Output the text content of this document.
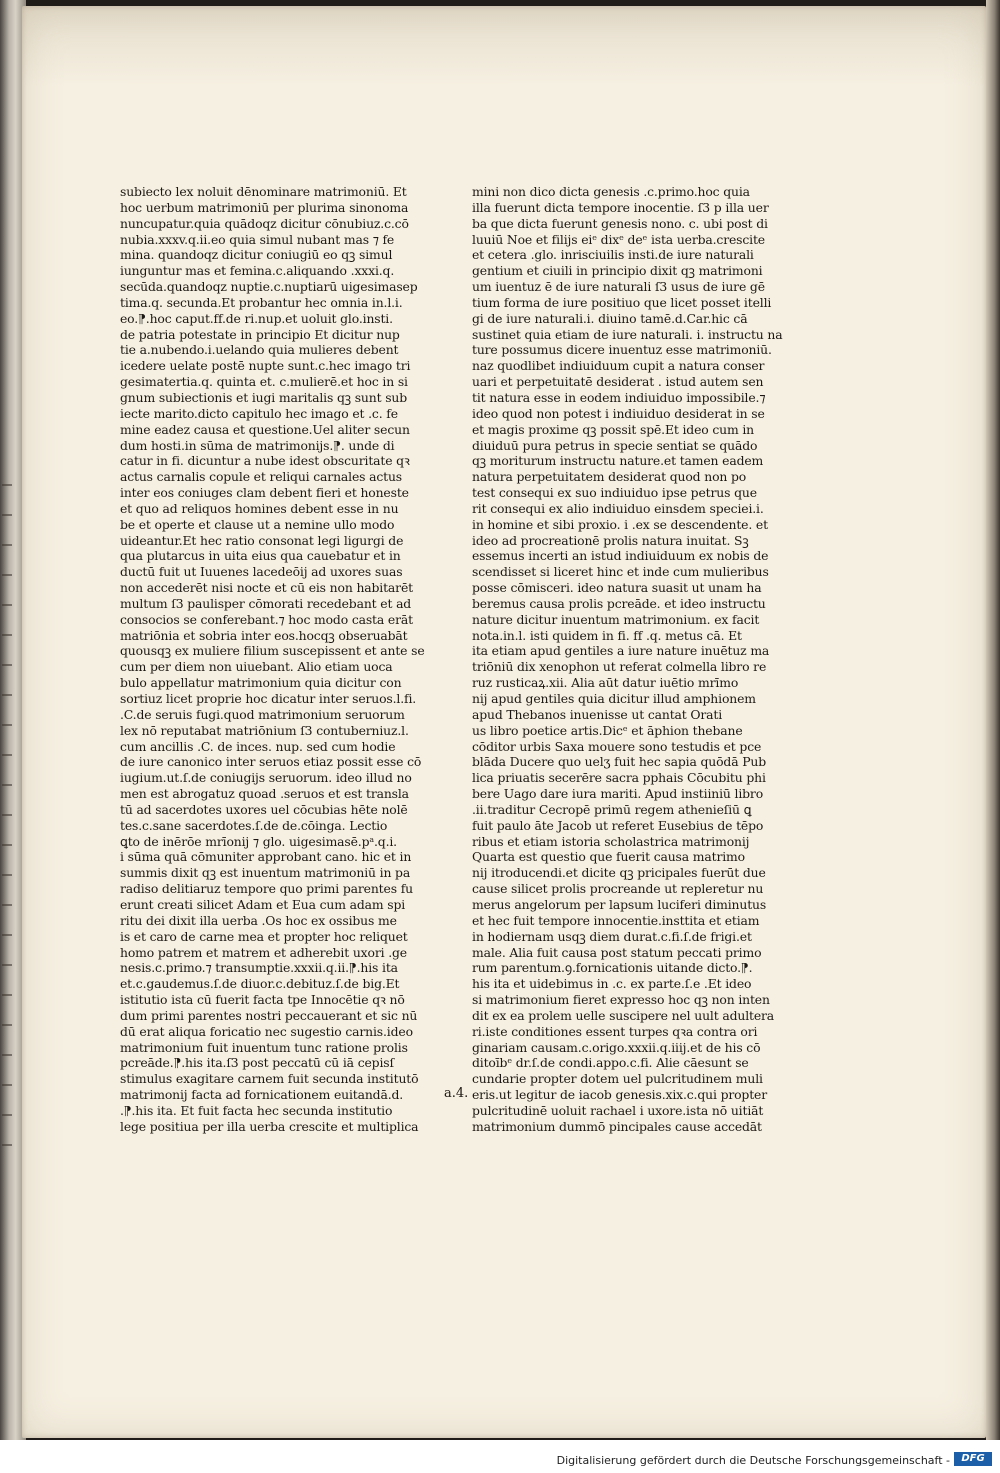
subiecto lex noluit dēnominare matrimoniū. Et
hoc uerbum matrimoniū per plurima sinonoma
nuncupatur.quia quādoqz dicitur cōnubiuz.c.cō
nubia.xxxv.q.ii.eo quia simul nubant mas ⁊ fe
mina. quandoqz dicitur coniugiū eo qꝫ simul
iunguntur mas et femina.c.aliquando .xxxi.q.
secūda.quandoqz nuptie.c.nuptiarū uigesimasep
tima.q. secunda.Et probantur hec omnia in.l.i.
eo.⁋.hoc caput.ff.de ri.nup.et uoluit glo.insti.
de patria potestate in principio Et dicitur nup
tie a.nubendo.i.uelando quia mulieres debent
icedere uelate postē nupte sunt.c.hec imago tri
gesimatertia.q. quinta et. c.mulierē.et hoc in si
gnum subiectionis et iugi maritalis qꝫ sunt sub
iecte marito.dicto capitulo hec imago et .c. fe
mine eadez causa et questione.Uel aliter secun
dum hosti.in sūma de matrimonijs.⁋. unde di
catur in fi. dicuntur a nube idest obscuritate qꝛ
actus carnalis copule et reliqui carnales actus
inter eos coniuges clam debent fieri et honeste
et quo ad reliquos homines debent esse in nu
be et operte et clause ut a nemine ullo modo
uideantur.Et hec ratio consonat legi ligurgi de
qua plutarcus in uita eius qua cauebatur et in
ductū fuit ut Iuuenes lacedeōij ad uxores suas
non accederēt nisi nocte et cū eis non habitarēt
multum ſ3 paulisper cōmorati recedebant et ad
consocios se conferebant.⁊ hoc modo casta erāt
matriōnia et sobria inter eos.hocqꝫ obseruabāt
quousqꝫ ex muliere filium suscepissent et ante se
cum per diem non uiuebant. Alio etiam uoca
bulo appellatur matrimonium quia dicitur con
sortiuz licet proprie hoc dicatur inter seruos.l.fi.
.C.de seruis fugi.quod matrimonium seruorum
lex nō reputabat matriōnium ſ3 contuberniuz.l.
cum ancillis .C. de inces. nup. sed cum hodie
de iure canonico inter seruos etiaz possit esse cō
iugium.ut.ſ.de coniugijs seruorum. ideo illud no
men est abrogatuz quoad .seruos et est transla
tū ad sacerdotes uxores uel cōcubias hēte nolē
tes.c.sane sacerdotes.ſ.de de.cōinga. Lectio
ꝗto de inērōe mrīonij ⁊ glo. uigesimasē.pᵃ.q.i.
i sūma quā cōmuniter approbant cano. hic et in
summis dixit qꝫ est inuentum matrimoniū in pa
radiso delitiaruz tempore quo primi parentes fu
erunt creati silicet Adam et Eua cum adam spi
ritu dei dixit illa uerba .Os hoc ex ossibus me
is et caro de carne mea et propter hoc reliquet
homo patrem et matrem et adherebit uxori .ge
nesis.c.primo.⁊ transumptie.xxxii.q.ii.⁋.his ita
et.c.gaudemus.ſ.de diuor.c.debituz.ſ.de big.Et
istitutio ista cū fuerit facta tpe Innocētie qꝛ nō
dum primi parentes nostri peccauerant et sic nū
dū erat aliqua foricatio nec sugestio carnis.ideo
matrimonium fuit inuentum tunc ratione prolis
pcreāde.⁋.his ita.ſ3 post peccatū cū iā cepisſ
stimulus exagitare carnem fuit secunda institutō
matrimonij facta ad fornicationem euitandā.d.
.⁋.his ita. Et fuit facta hec secunda institutio
lege positiua per illa uerba crescite et multiplica
mini non dico dicta genesis .c.primo.hoc quia
illa fuerunt dicta tempore inocentie. ſ3 p illa uer
ba que dicta fuerunt genesis nono. c. ubi post di
luuiū Noe et filijs eiᵉ dixᵉ deᵉ ista uerba.crescite
et cetera .glo. inrisciuilis insti.de iure naturali
gentium et ciuili in principio dixit qꝫ matrimoni
um iuentuz ē de iure naturali ſ3 usus de iure gē
tium forma de iure positiuo que licet posset itelli
gi de iure naturali.i. diuino tamē.d.Car.hic cā
sustinet quia etiam de iure naturali. i. instructu na
ture possumus dicere inuentuz esse matrimoniū.
naz quodlibet indiuiduum cupit a natura conser
uari et perpetuitatē desiderat . istud autem sen
tit natura esse in eodem indiuiduo impossibile.⁊
ideo quod non potest i indiuiduo desiderat in se
et magis proxime qꝫ possit spē.Et ideo cum in
diuiduū pura petrus in specie sentiat se quādo
qꝫ moriturum instructu nature.et tamen eadem
natura perpetuitatem desiderat quod non po
test consequi ex suo indiuiduo ipse petrus que
rit consequi ex alio indiuiduo einsdem speciei.i.
in homine et sibi proxio. i .ex se descendente. et
ideo ad procreationē prolis natura inuitat. Sꝫ
essemus incerti an istud indiuiduum ex nobis de
scendisset si liceret hinc et inde cum mulieribus
posse cōmisceri. ideo natura suasit ut unam ha
beremus causa prolis pcreāde. et ideo instructu
nature dicitur inuentum matrimonium. ex facit
nota.in.l. isti quidem in fi. ff .q. metus cā. Et
ita etiam apud gentiles a iure nature inuētuz ma
triōniū dix xenophon ut referat colmella libro re
ruz rusticaꝝ.xii. Alia aūt datur iuētio mrīmo
nij apud gentiles quia dicitur illud amphionem
apud Thebanos inuenisse ut cantat Orati
us libro poetice artis.Dicᵉ et āphion thebane
cōditor urbis Saxa mouere sono testudis et pce
blāda Ducere quo uelʒ fuit hec sapia quōdā Pub
lica priuatis secerēre sacra pphais Cōcubitu phi
bere Uago dare iura mariti. Apud instiiniū libro
.ii.traditur Cecropē primū regem athenieſiū ꝗ
fuit paulo āte Jacob ut referet Eusebius de tēpo
ribus et etiam istoria scholastrica matrimonij
Quarta est questio que fuerit causa matrimo
nij itroducendi.et dicite qꝫ pricipales fuerūt due
cause silicet prolis procreande ut repleretur nu
merus angelorum per lapsum luciferi diminutus
et hec fuit tempore innocentie.insttita et etiam
in hodiernam usqꝫ diem durat.c.fi.ſ.de frigi.et
male. Alia fuit causa post statum peccati primo
rum parentum.ꝯ.fornicationis uitande dicto.⁋.
his ita et uidebimus in .c. ex parte.ſ.e .Et ideo
si matrimonium fieret expresso hoc qꝫ non inten
dit ex ea prolem uelle suscipere nel uult adultera
ri.iste conditiones essent turpes qꝛa contra ori
ginariam causam.c.origo.xxxii.q.iiij.et de his cō
ditoībᵉ dr.ſ.de condi.appo.c.fi. Alie cāesunt se
cundarie propter dotem uel pulcritudinem muli
eris.ut legitur de iacob genesis.xix.c.qui propter
pulcritudinē uoluit rachael i uxore.ista nō uitiāt
matrimonium dummō pincipales cause accedāt
a.4.
Digitalisierung gefördert durch die Deutsche Forschungsgemeinschaft -	DFG
